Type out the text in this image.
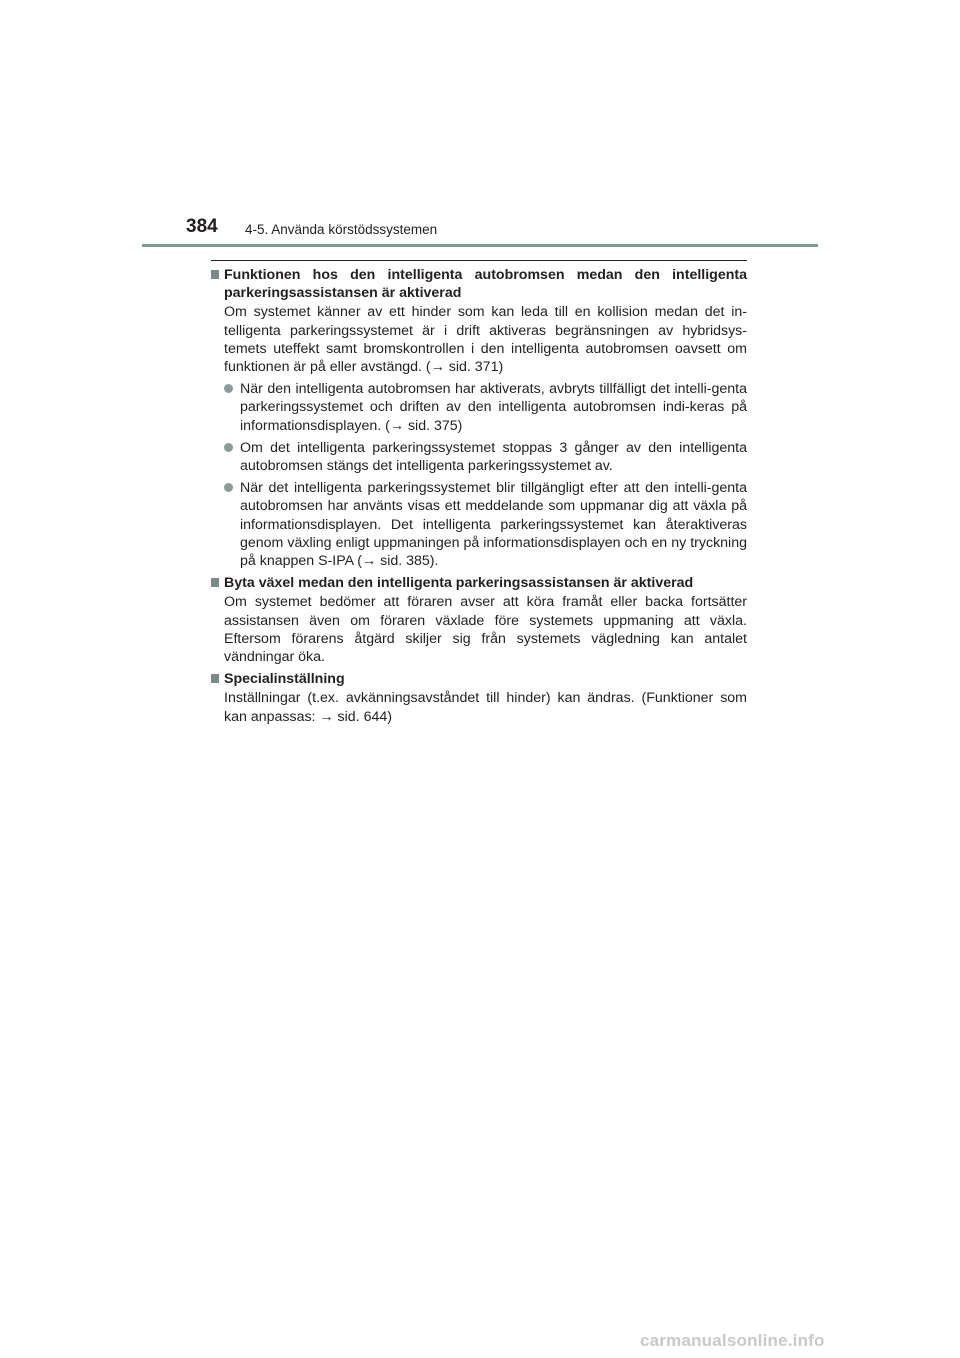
384 4-5. Använda körstödssystemen
Funktionen hos den intelligenta autobromsen medan den intelligenta parkeringsassistansen är aktiverad
Om systemet känner av ett hinder som kan leda till en kollision medan det in-telligenta parkeringssystemet är i drift aktiveras begränsningen av hybridsys-temets uteffekt samt bromskontrollen i den intelligenta autobromsen oavsett om funktionen är på eller avstängd. (→ sid. 371)
När den intelligenta autobromsen har aktiverats, avbryts tillfälligt det intelli-genta parkeringssystemet och driften av den intelligenta autobromsen indi-keras på informationsdisplayen. (→ sid. 375)
Om det intelligenta parkeringssystemet stoppas 3 gånger av den intelligenta autobromsen stängs det intelligenta parkeringssystemet av.
När det intelligenta parkeringssystemet blir tillgängligt efter att den intelli-genta autobromsen har använts visas ett meddelande som uppmanar dig att växla på informationsdisplayen. Det intelligenta parkeringssystemet kan återaktiveras genom växling enligt uppmaningen på informationsdisplayen och en ny tryckning på knappen S-IPA (→ sid. 385).
Byta växel medan den intelligenta parkeringsassistansen är aktiverad
Om systemet bedömer att föraren avser att köra framåt eller backa fortsätter assistansen även om föraren växlade före systemets uppmaning att växla. Eftersom förarens åtgärd skiljer sig från systemets vägledning kan antalet vändningar öka.
Specialinställning
Inställningar (t.ex. avkänningsavståndet till hinder) kan ändras. (Funktioner som kan anpassas: → sid. 644)
carmanualsonline.info
